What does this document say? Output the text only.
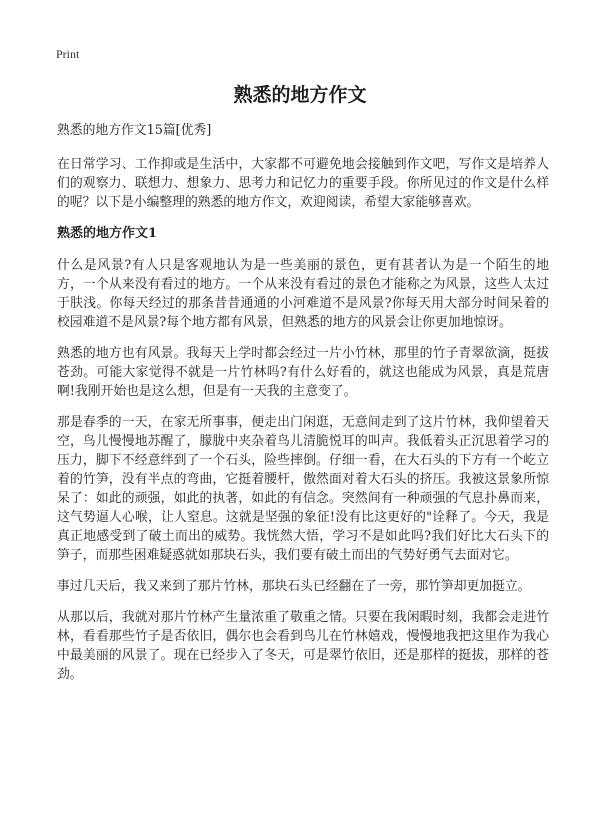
Print
熟悉的地方作文

熟悉的地方作文15篇[优秀]

在日常学习、工作抑或是生活中，大家都不可避免地会接触到作文吧，写作文是培养人们的观察力、联想力、想象力、思考力和记忆力的重要手段。你所见过的作文是什么样的呢？以下是小编整理的熟悉的地方作文，欢迎阅读，希望大家能够喜欢。

熟悉的地方作文1

什么是风景?有人只是客观地认为是一些美丽的景色，更有甚者认为是一个陌生的地方，一个从来没有看过的地方。一个从来没有看过的景色才能称之为风景，这些人太过于肤浅。你每天经过的那条昔昔通通的小河难道不是风景?你每天用大部分时间呆着的校园难道不是风景?每个地方都有风景，但熟悉的地方的风景会让你更加地惊讶。

熟悉的地方也有风景。我每天上学时都会经过一片小竹林，那里的竹子青翠欲滴，挺拔苍劲。可能大家觉得不就是一片竹林吗?有什么好看的，就这也能成为风景，真是荒唐啊!我刚开始也是这么想，但是有一天我的主意变了。

那是春季的一天，在家无所事事，便走出门闲逛，无意间走到了这片竹林，我仰望着天空，鸟儿慢慢地苏醒了，朦胧中夹杂着鸟儿清脆悦耳的叫声。我低着头正沉思着学习的压力，脚下不经意绊到了一个石头，险些摔倒。仔细一看，在大石头的下方有一个屹立着的竹笋，没有半点的弯曲，它挺着腰杆，傲然面对着大石头的挤压。我被这景象所惊呆了：如此的顽强，如此的执著，如此的有信念。突然间有一种顽强的气息扑鼻而来，这气势逼人心喉，让人窒息。这就是坚强的象征!没有比这更好的"诠释了。今天，我是真正地感受到了破土而出的威势。我恍然大悟，学习不是如此吗?我们好比大石头下的笋子，而那些困难疑惑就如那块石头，我们要有破土而出的气势好勇气去面对它。

事过几天后，我又来到了那片竹林，那块石头已经翻在了一旁，那竹笋却更加挺立。

从那以后，我就对那片竹林产生量浓重了敬重之情。只要在我闲暇时刻，我都会走进竹林，看看那些竹子是否依旧，偶尔也会看到鸟儿在竹林嬉戏，慢慢地我把这里作为我心中最美丽的风景了。现在已经步入了冬天，可是翠竹依旧，还是那样的挺拔，那样的苍劲。
